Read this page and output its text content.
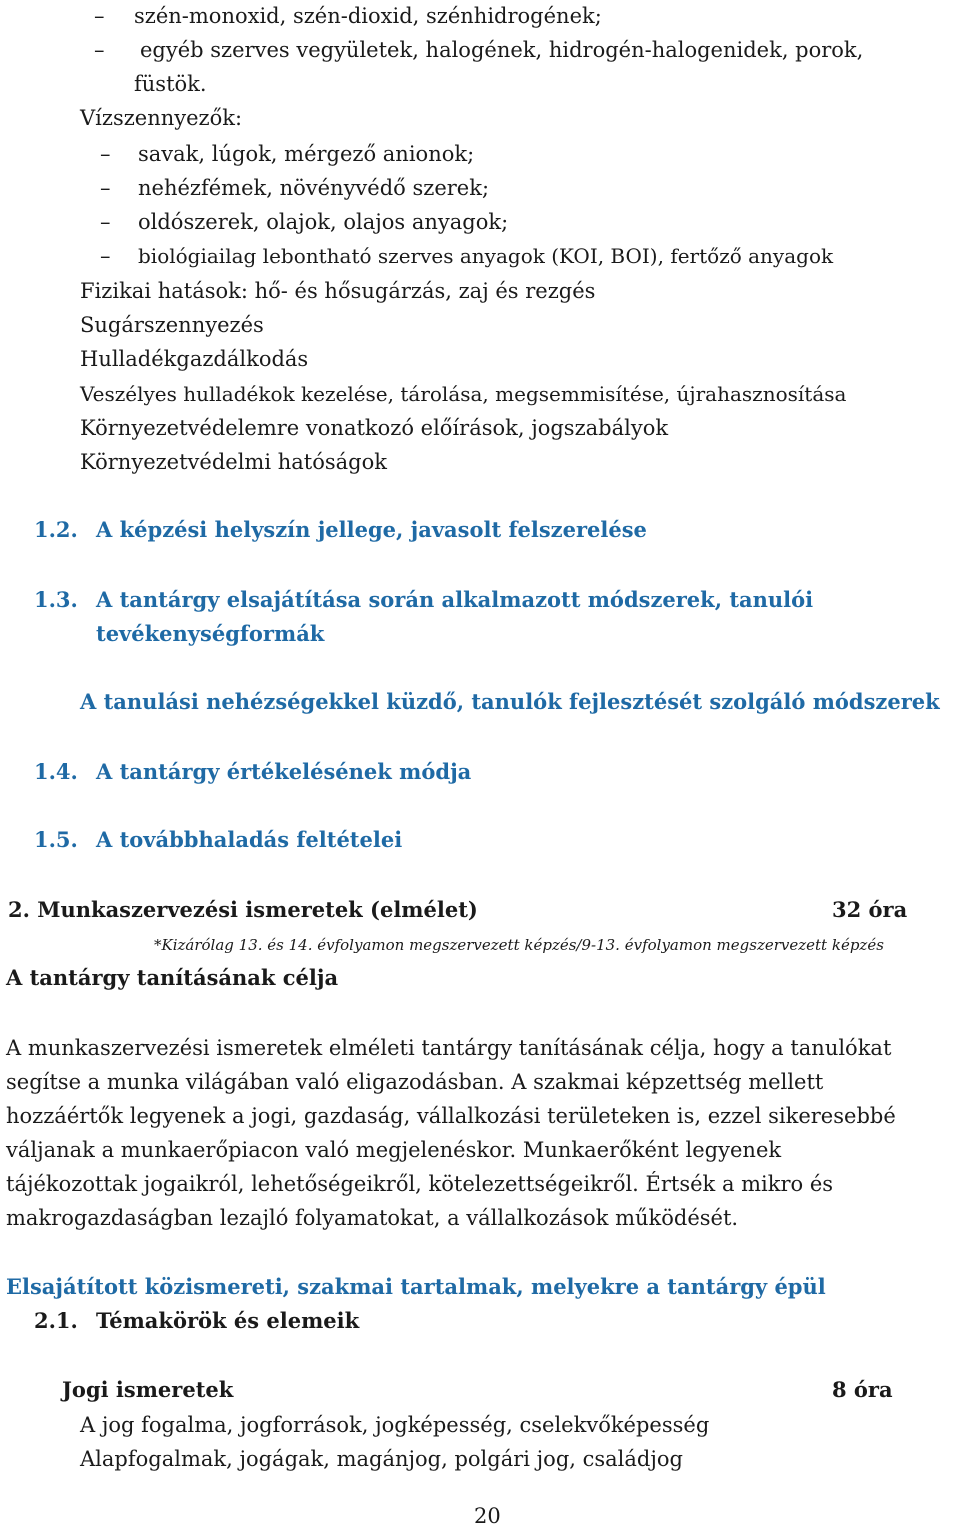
– szén-monoxid, szén-dioxid, szénhidrogének;
– egyéb szerves vegyületek, halogének, hidrogén-halogenidek, porok,
füstök.
Vízszennyezők:
– savak, lúgok, mérgező anionok;
– nehézfémek, növényvédő szerek;
– oldószerek, olajok, olajos anyagok;
– biológiailag lebontható szerves anyagok (KOI, BOI), fertőző anyagok
Fizikai hatások: hő- és hősugárzás, zaj és rezgés
Sugárszennyezés
Hulladékgazdálkodás
Veszélyes hulladékok kezelése, tárolása, megsemmisítése, újrahasznosítása
Környezetvédelemre vonatkozó előírások, jogszabályok
Környezetvédelmi hatóságok
1.2. A képzési helyszín jellege, javasolt felszerelése
1.3. A tantárgy elsajátítása során alkalmazott módszerek, tanulói
tevékenységformák
A tanulási nehézségekkel küzdő, tanulók fejlesztését szolgáló módszerek
1.4. A tantárgy értékelésének módja
1.5. A továbbhaladás feltételei
2. Munkaszervezési ismeretek (elmélet)	32 óra
*Kizárólag 13. és 14. évfolyamon megszervezett képzés/9-13. évfolyamon megszervezett képzés
A tantárgy tanításának célja
A munkaszervezési ismeretek elméleti tantárgy tanításának célja, hogy a tanulókat
segítse a munka világában való eligazodásban. A szakmai képzettség mellett
hozzáértők legyenek a jogi, gazdaság, vállalkozási területeken is, ezzel sikeresebbé
váljanak a munkaerőpiacon való megjelenéskor. Munkaerőként legyenek
tájékozottak jogaikról, lehetőségeikről, kötelezettségeikről. Értsék a mikro és
makrogazdaságban lezajló folyamatokat, a vállalkozások működését.
Elsajátított közismereti, szakmai tartalmak, melyekre a tantárgy épül
2.1. Témakörök és elemeik
Jogi ismeretek	8 óra
A jog fogalma, jogforrások, jogképesség, cselekvőképesség
Alapfogalmak, jogágak, magánjog, polgári jog, családjog
20
